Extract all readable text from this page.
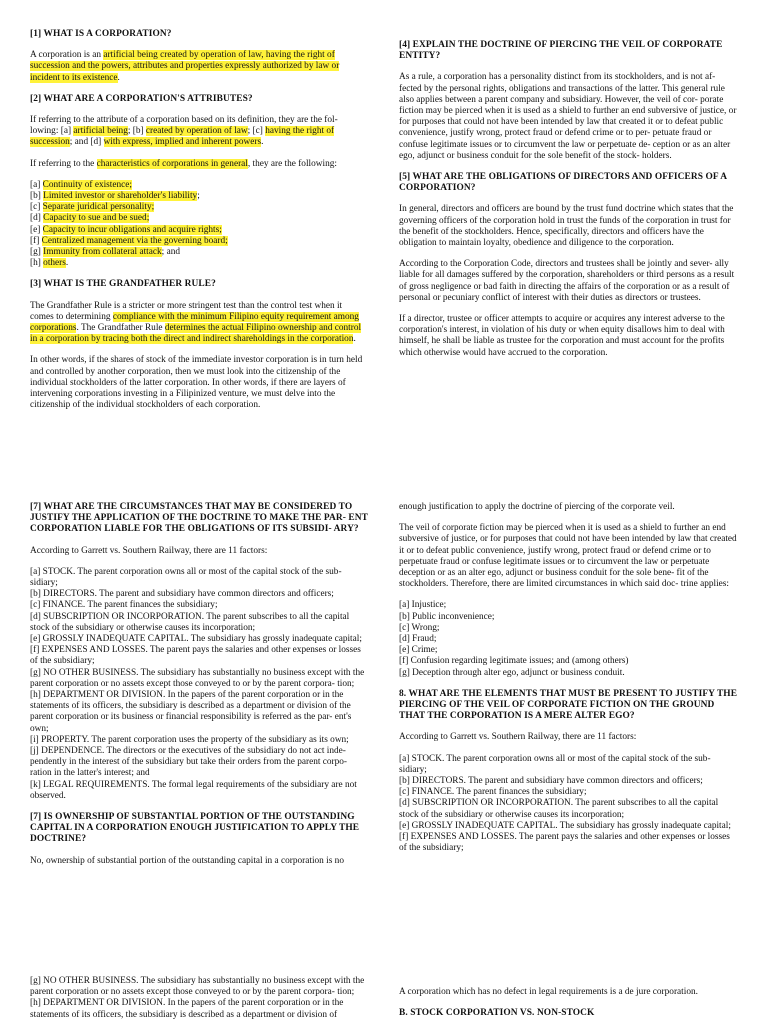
[1] WHAT IS A CORPORATION?

A corporation is an artificial being created by operation of law, having the right of succession and the powers, attributes and properties expressly authorized by law or incident to its existence.

[2] WHAT ARE A CORPORATION'S ATTRIBUTES?

If referring to the attribute of a corporation based on its definition, they are the fol- lowing: [a] artificial being; [b] created by operation of law; [c] having the right of succession; and [d] with express, implied and inherent powers.

If referring to the characteristics of corporations in general, they are the following:

[a] Continuity of existence;
[b] Limited investor or shareholder's liability;
[c] Separate juridical personality;
[d] Capacity to sue and be sued;
[e] Capacity to incur obligations and acquire rights;
[f] Centralized management via the governing board;
[g] Immunity from collateral attack; and
[h] others.
[3] WHAT IS THE GRANDFATHER RULE?

The Grandfather Rule is a stricter or more stringent test than the control test when it comes to determining compliance with the minimum Filipino equity requirement among corporations. The Grandfather Rule determines the actual Filipino ownership and control in a corporation by tracing both the direct and indirect shareholdings in the corporation.

In other words, if the shares of stock of the immediate investor corporation is in turn held and controlled by another corporation, then we must look into the citizenship of the individual stockholders of the latter corporation. In other words, if there are layers of intervening corporations investing in a Filipinized venture, we must delve into the citizenship of the individual stockholders of each corporation.

[4] EXPLAIN THE DOCTRINE OF PIERCING THE VEIL OF CORPORATE ENTITY?

As a rule, a corporation has a personality distinct from its stockholders, and is not af- fected by the personal rights, obligations and transactions of the latter. This general rule also applies between a parent company and subsidiary. However, the veil of cor- porate fiction may be pierced when it is used as a shield to further an end subversive of justice, or for purposes that could not have been intended by law that created it or to defeat public convenience, justify wrong, protect fraud or defend crime or to per- petuate fraud or confuse legitimate issues or to circumvent the law or perpetuate de- ception or as an alter ego, adjunct or business conduit for the sole benefit of the stock- holders.

[5] WHAT ARE THE OBLIGATIONS OF DIRECTORS AND OFFICERS OF A CORPORATION?

In general, directors and officers are bound by the trust fund doctrine which states that the governing officers of the corporation hold in trust the funds of the corporation in trust for the benefit of the stockholders. Hence, specifically, directors and officers have the obligation to maintain loyalty, obedience and diligence to the corporation.

According to the Corporation Code, directors and trustees shall be jointly and sever- ally liable for all damages suffered by the corporation, shareholders or third persons as a result of gross negligence or bad faith in directing the affairs of the corporation or as a result of personal or pecuniary conflict of interest with their duties as directors or trustees.

If a director, trustee or officer attempts to acquire or acquires any interest adverse to the corporation's interest, in violation of his duty or when equity disallows him to deal with himself, he shall be liable as trustee for the corporation and must account for the profits which otherwise would have accrued to the corporation.

[7] WHAT ARE THE CIRCUMSTANCES THAT MAY BE CONSIDERED TO JUSTIFY THE APPLICATION OF THE DOCTRINE TO MAKE THE PAR- ENT CORPORATION LIABLE FOR THE OBLIGATIONS OF ITS SUBSIDI- ARY?

According to Garrett vs. Southern Railway, there are 11 factors:

[a] STOCK. The parent corporation owns all or most of the capital stock of the sub- sidiary;
[b] DIRECTORS. The parent and subsidiary have common directors and officers;
[c] FINANCE. The parent finances the subsidiary;
[d] SUBSCRIPTION OR INCORPORATION. The parent subscribes to all the capital stock of the subsidiary or otherwise causes its incorporation;
[e] GROSSLY INADEQUATE CAPITAL. The subsidiary has grossly inadequate capital;
[f] EXPENSES AND LOSSES. The parent pays the salaries and other expenses or losses of the subsidiary;
[g] NO OTHER BUSINESS. The subsidiary has substantially no business except with the parent corporation or no assets except those conveyed to or by the parent corpora- tion;
[h] DEPARTMENT OR DIVISION. In the papers of the parent corporation or in the statements of its officers, the subsidiary is described as a department or division of the parent corporation or its business or financial responsibility is referred as the par- ent's own;
[i] PROPERTY. The parent corporation uses the property of the subsidiary as its own;
[j] DEPENDENCE. The directors or the executives of the subsidiary do not act inde- pendently in the interest of the subsidiary but take their orders from the parent corpo- ration in the latter's interest; and
[k] LEGAL REQUIREMENTS. The formal legal requirements of the subsidiary are not observed.
[7] IS OWNERSHIP OF SUBSTANTIAL PORTION OF THE OUTSTANDING CAPITAL IN A CORPORATION ENOUGH JUSTIFICATION TO APPLY THE DOCTRINE?

No, ownership of substantial portion of the outstanding capital in a corporation is no

enough justification to apply the doctrine of piercing of the corporate veil.

The veil of corporate fiction may be pierced when it is used as a shield to further an end subversive of justice, or for purposes that could not have been intended by law that created it or to defeat public convenience, justify wrong, protect fraud or defend crime or to perpetuate fraud or confuse legitimate issues or to circumvent the law or perpetuate deception or as an alter ego, adjunct or business conduit for the sole bene- fit of the stockholders. Therefore, there are limited circumstances in which said doc- trine applies:

[a] Injustice;
[b] Public inconvenience;
[c] Wrong;
[d] Fraud;
[e] Crime;
[f] Confusion regarding legitimate issues; and (among others)
[g] Deception through alter ego, adjunct or business conduit.
8. WHAT ARE THE ELEMENTS THAT MUST BE PRESENT TO JUSTIFY THE PIERCING OF THE VEIL OF CORPORATE FICTION ON THE GROUND THAT THE CORPORATION IS A MERE ALTER EGO?

According to Garrett vs. Southern Railway, there are 11 factors:

[a] STOCK. The parent corporation owns all or most of the capital stock of the sub- sidiary;
[b] DIRECTORS. The parent and subsidiary have common directors and officers;
[c] FINANCE. The parent finances the subsidiary;
[d] SUBSCRIPTION OR INCORPORATION. The parent subscribes to all the capital stock of the subsidiary or otherwise causes its incorporation;
[e] GROSSLY INADEQUATE CAPITAL. The subsidiary has grossly inadequate capital;
[f] EXPENSES AND LOSSES. The parent pays the salaries and other expenses or losses of the subsidiary;
[g] NO OTHER BUSINESS. The subsidiary has substantially no business except with the parent corporation or no assets except those conveyed to or by the parent corpora- tion;
[h] DEPARTMENT OR DIVISION. In the papers of the parent corporation or in the statements of its officers, the subsidiary is described as a department or division of

A corporation which has no defect in legal requirements is a de jure corporation.

B. STOCK CORPORATION VS. NON-STOCK
